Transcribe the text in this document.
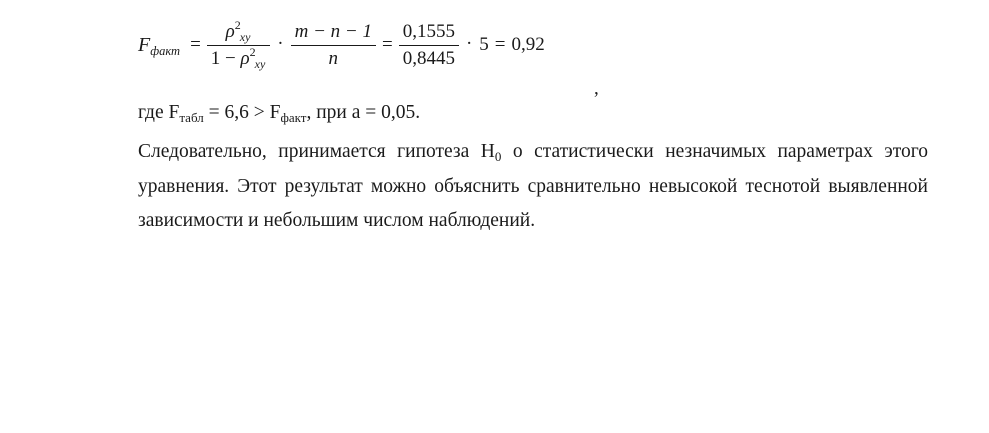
F факт = ρ 2
xy
1 − ρ 2
xy · $\frac{m - n - 1}{n} = \frac{0,1555}{0,8445} \cdot 5 = 0,92$
,

где $F_{табл} = 6,6 > F_{факт}$, при a = 0,05.

Следовательно, принимается гипотеза $H_0$ о статистически незначимых параметрах этого уравнения. Этот результат можно объяснить сравнительно невысокой теснотой выявленной зависимости и небольшим числом наблюдений.
